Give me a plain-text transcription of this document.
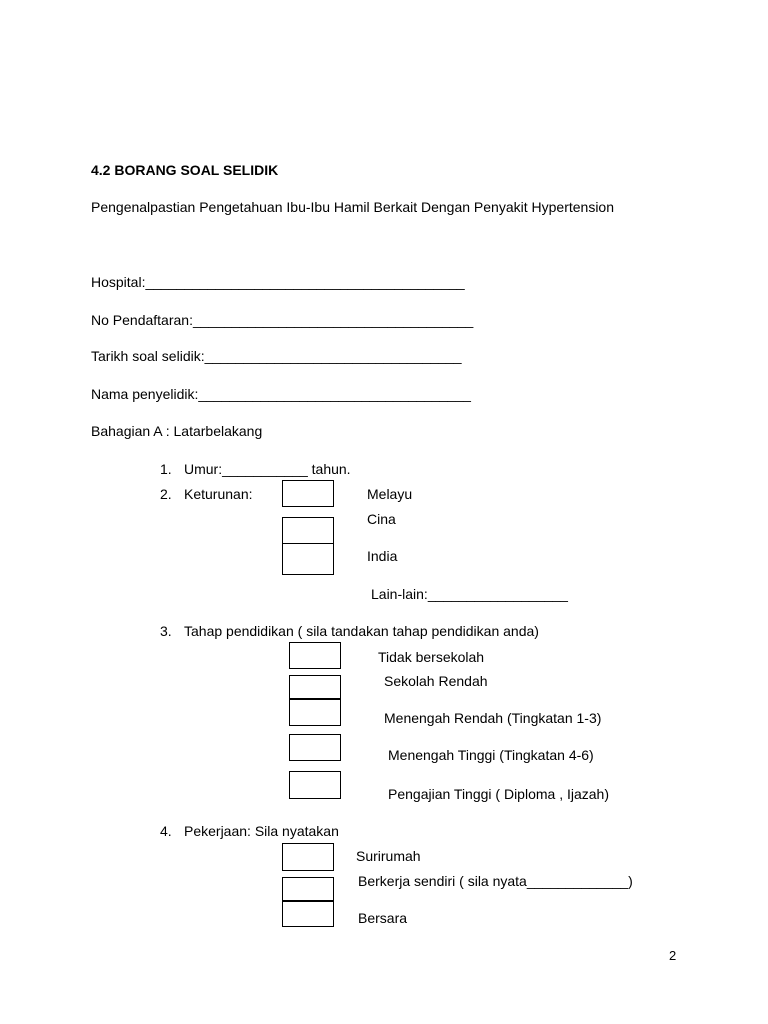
4.2 BORANG SOAL SELIDIK
Pengenalpastian Pengetahuan Ibu-Ibu Hamil Berkait Dengan Penyakit Hypertension
Hospital:_________________________________________
No Pendaftaran:____________________________________
Tarikh soal selidik:_________________________________
Nama penyelidik:___________________________________
Bahagian A : Latarbelakang
1. Umur:___________ tahun.
2. Keturunan:	Melayu
Cina
India
Lain-lain:__________________
3. Tahap pendidikan ( sila tandakan tahap pendidikan anda)
Tidak bersekolah
Sekolah Rendah
Menengah Rendah (Tingkatan 1-3)
Menengah Tinggi (Tingkatan 4-6)
Pengajian Tinggi ( Diploma , Ijazah)
4. Pekerjaan: Sila nyatakan
Surirumah
Berkerja sendiri ( sila nyata_____________)
Bersara
2
